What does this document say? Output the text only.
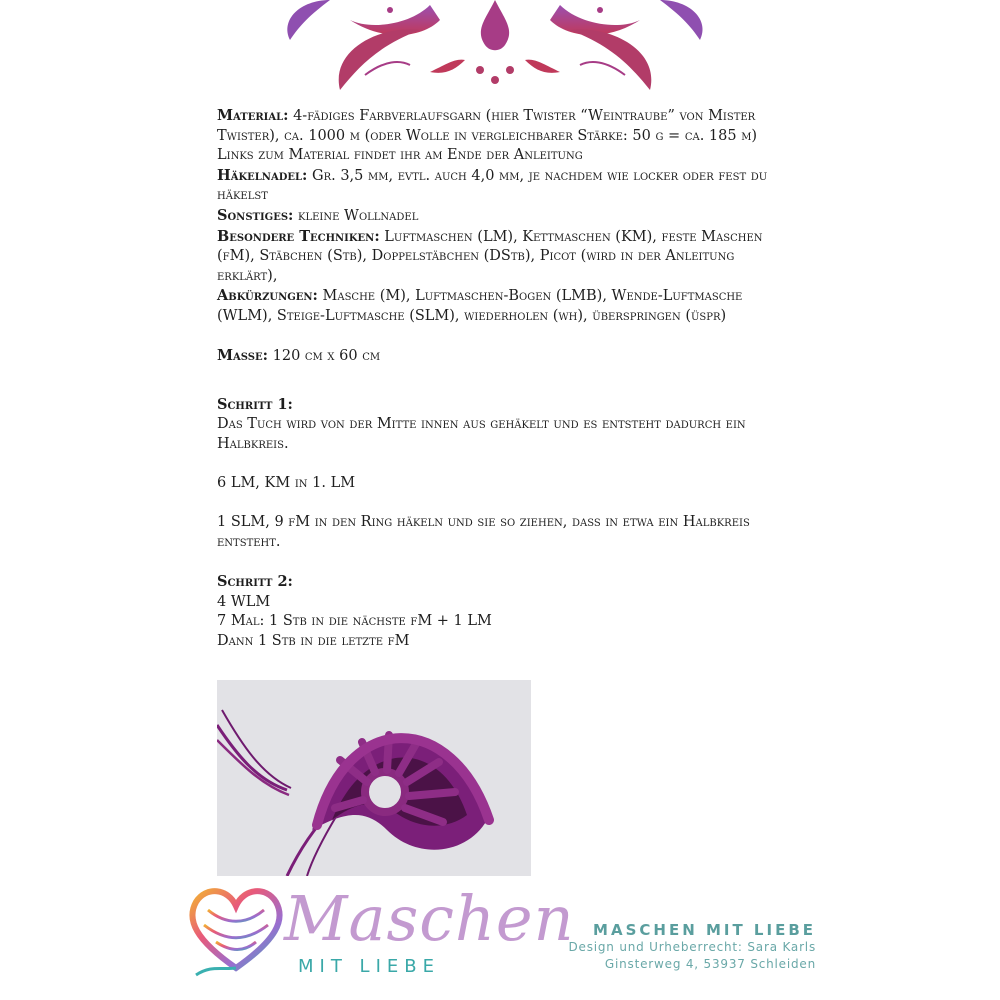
Material: 4-fädiges Farbverlaufsgarn (hier Twister “Weintraube” von Mister Twister), ca. 1000 m (oder Wolle in vergleichbarer Stärke: 50 g = ca. 185 m)

Links zum Material findet ihr am Ende der Anleitung

Häkelnadel: Gr. 3,5 mm, evtl. auch 4,0 mm, je nachdem wie locker oder fest du häkelst

Sonstiges: kleine Wollnadel

Besondere Techniken: Luftmaschen (LM), Kettmaschen (KM), feste Maschen (fM), Stäbchen (Stb), Doppelstäbchen (DStb), Picot (wird in der Anleitung erklärt),

Abkürzungen: Masche (M), Luftmaschen-Bogen (LMB), Wende-Luftmasche (WLM), Steige-Luftmasche (SLM), wiederholen (wh), überspringen (üspr)

Masse: 120 cm x 60 cm

Schritt 1:

Das Tuch wird von der Mitte innen aus gehäkelt und es entsteht dadurch ein Halbkreis.

6 LM, KM in 1. LM

1 SLM, 9 fM in den Ring häkeln und sie so ziehen, dass in etwa ein Halbkreis entsteht.

Schritt 2:

4 WLM

7 Mal: 1 Stb in die nächste fM + 1 LM

Dann 1 Stb in die letzte fM

Maschen
MIT LIEBE
MASCHEN MIT LIEBE
Design und Urheberrecht: Sara Karls
Ginsterweg 4, 53937 Schleiden
